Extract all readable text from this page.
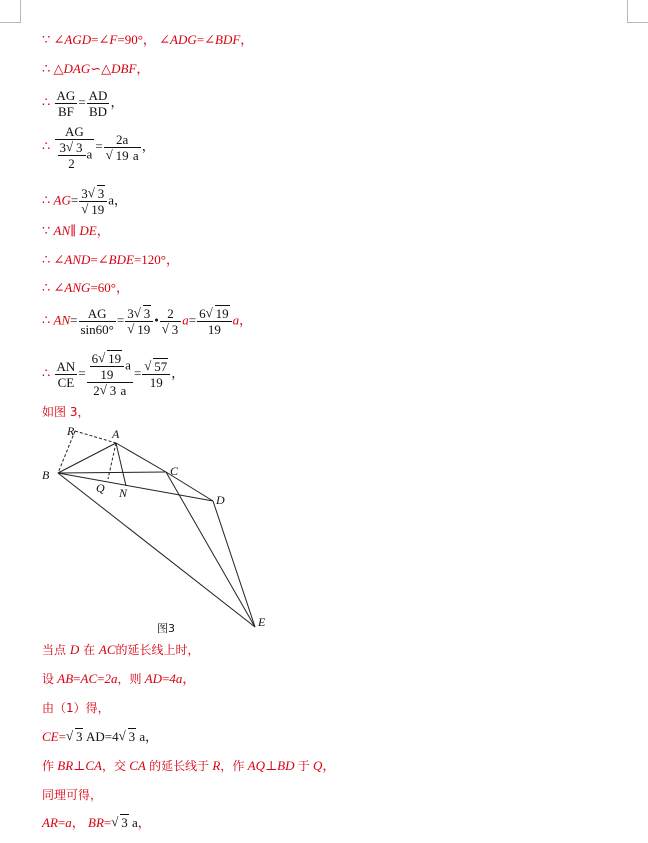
∵ ∠AGD=∠F=90°， ∠ADG=∠BDF，
∴ △DAG∽△DBF，
∴ $\frac{AG}{BF} = \frac{AD}{BD}$ ，
∴ $\frac{AG}{\frac{3 √ 3}{2} a} = \frac{2a}{√ 19 a}$ ，
∴ $AG= \frac{3 √ 3}{√ 19}$ a，
∵ AN∥ DE，
∴ ∠AND=∠BDE=120°，
∴ ∠ANG=60°，
∴ $AN= \frac{AG}{\sin 60^\circ} = \frac{3 √ 3}{√ 19}$ • $\frac{2}{√ 3} a= \frac{6 √ 19}{19}$ a，
∴ $\frac{AN}{CE} = \frac{\frac{6 √ 19}{19} a}{2 √ 3 a} = \frac{√ 57}{19}$ ，
如图 3，
R	A
B	C
D
E
Q N
图3
当点 D 在 AC的延长线上时，
设 AB=AC=2a，则 AD=4a，
由（1）得，
CE= √ 3 AD=4 √ 3 a，
作 BR⊥CA，交 CA 的延长线于 R，作 AQ⊥BD 于 Q，
同理可得，
AR=a， BR= √ 3 a，
